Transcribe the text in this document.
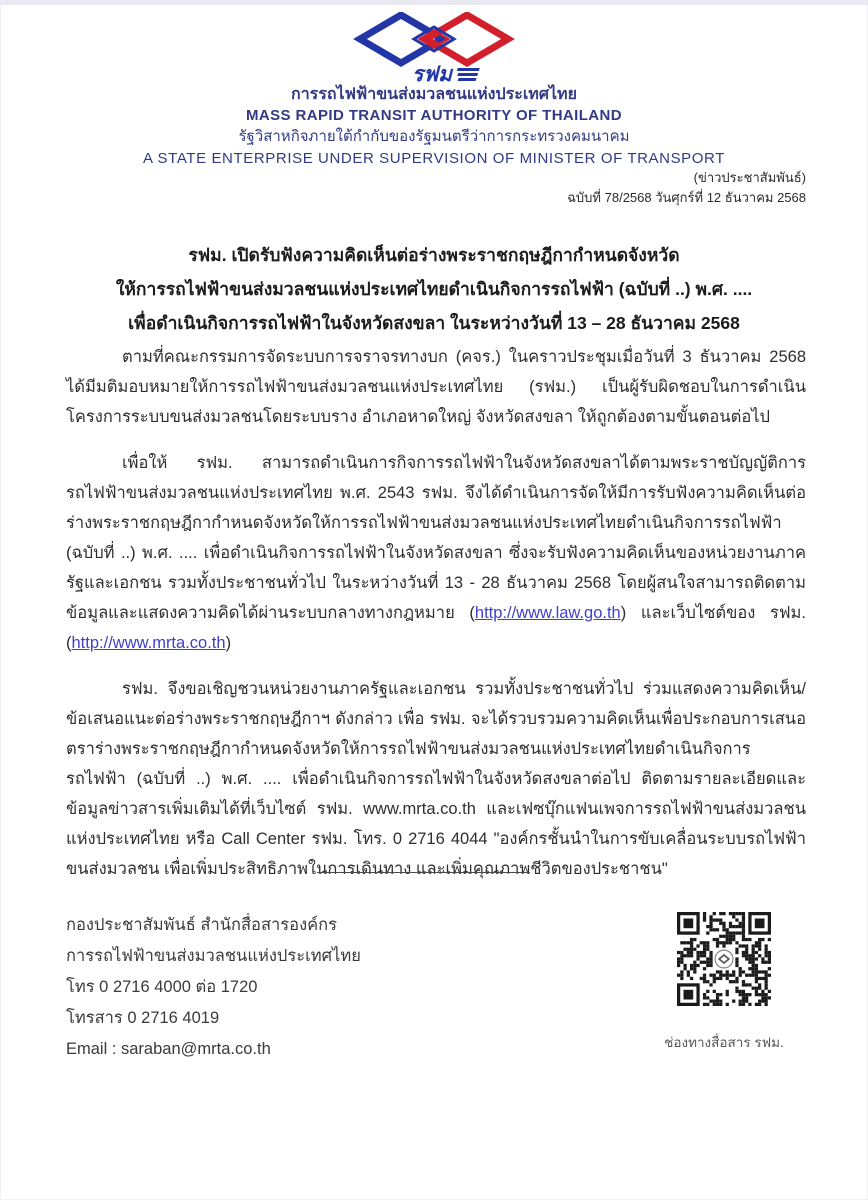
รฟม
การรถไฟฟ้าขนส่งมวลชนแห่งประเทศไทย
MASS RAPID TRANSIT AUTHORITY OF THAILAND
รัฐวิสาหกิจภายใต้กำกับของรัฐมนตรีว่าการกระทรวงคมนาคม
A STATE ENTERPRISE UNDER SUPERVISION OF MINISTER OF TRANSPORT
(ข่าวประชาสัมพันธ์)
ฉบับที่ 78/2568 วันศุกร์ที่ 12 ธันวาคม 2568
รฟม. เปิดรับฟังความคิดเห็นต่อร่างพระราชกฤษฎีกากำหนดจังหวัด
ให้การรถไฟฟ้าขนส่งมวลชนแห่งประเทศไทยดำเนินกิจการรถไฟฟ้า (ฉบับที่ ..) พ.ศ. ....
เพื่อดำเนินกิจการรถไฟฟ้าในจังหวัดสงขลา ในระหว่างวันที่ 13 – 28 ธันวาคม 2568

ตามที่คณะกรรมการจัดระบบการจราจรทางบก (คจร.) ในคราวประชุมเมื่อวันที่ 3 ธันวาคม 2568 ได้มีมติมอบหมายให้การรถไฟฟ้าขนส่งมวลชนแห่งประเทศไทย (รฟม.) เป็นผู้รับผิดชอบในการดำเนินโครงการระบบขนส่งมวลชนโดยระบบราง อำเภอหาดใหญ่ จังหวัดสงขลา ให้ถูกต้องตามขั้นตอนต่อไป

เพื่อให้ รฟม. สามารถดำเนินการกิจการรถไฟฟ้าในจังหวัดสงขลาได้ตามพระราชบัญญัติการรถไฟฟ้าขนส่งมวลชนแห่งประเทศไทย พ.ศ. 2543 รฟม. จึงได้ดำเนินการจัดให้มีการรับฟังความคิดเห็นต่อร่างพระราชกฤษฎีกากำหนดจังหวัดให้การรถไฟฟ้าขนส่งมวลชนแห่งประเทศไทยดำเนินกิจการรถไฟฟ้า (ฉบับที่ ..) พ.ศ. .... เพื่อดำเนินกิจการรถไฟฟ้าในจังหวัดสงขลา ซึ่งจะรับฟังความคิดเห็นของหน่วยงานภาครัฐและเอกชน รวมทั้งประชาชนทั่วไป ในระหว่างวันที่ 13 - 28 ธันวาคม 2568 โดยผู้สนใจสามารถติดตามข้อมูลและแสดงความคิดได้ผ่านระบบกลางทางกฎหมาย (http://www.law.go.th) และเว็บไซต์ของ รฟม. (http://www.mrta.co.th)

รฟม. จึงขอเชิญชวนหน่วยงานภาครัฐและเอกชน รวมทั้งประชาชนทั่วไป ร่วมแสดงความคิดเห็น/ข้อเสนอแนะต่อร่างพระราชกฤษฎีกาฯ ดังกล่าว เพื่อ รฟม. จะได้รวบรวมความคิดเห็นเพื่อประกอบการเสนอตราร่างพระราชกฤษฎีกากำหนดจังหวัดให้การรถไฟฟ้าขนส่งมวลชนแห่งประเทศไทยดำเนินกิจการรถไฟฟ้า (ฉบับที่ ..) พ.ศ. .... เพื่อดำเนินกิจการรถไฟฟ้าในจังหวัดสงขลาต่อไป ติดตามรายละเอียดและข้อมูลข่าวสารเพิ่มเติมได้ที่เว็บไซต์ รฟม. www.mrta.co.th และเฟซบุ๊กแฟนเพจการรถไฟฟ้าขนส่งมวลชนแห่งประเทศไทย หรือ Call Center รฟม. โทร. 0 2716 4044 "องค์กรชั้นนำในการขับเคลื่อนระบบรถไฟฟ้าขนส่งมวลชน เพื่อเพิ่มประสิทธิภาพในการเดินทาง และเพิ่มคุณภาพชีวิตของประชาชน"

กองประชาสัมพันธ์ สำนักสื่อสารองค์กร
การรถไฟฟ้าขนส่งมวลชนแห่งประเทศไทย
โทร 0 2716 4000 ต่อ 1720
โทรสาร 0 2716 4019
Email : saraban@mrta.co.th	ช่องทางสื่อสาร รฟม.
